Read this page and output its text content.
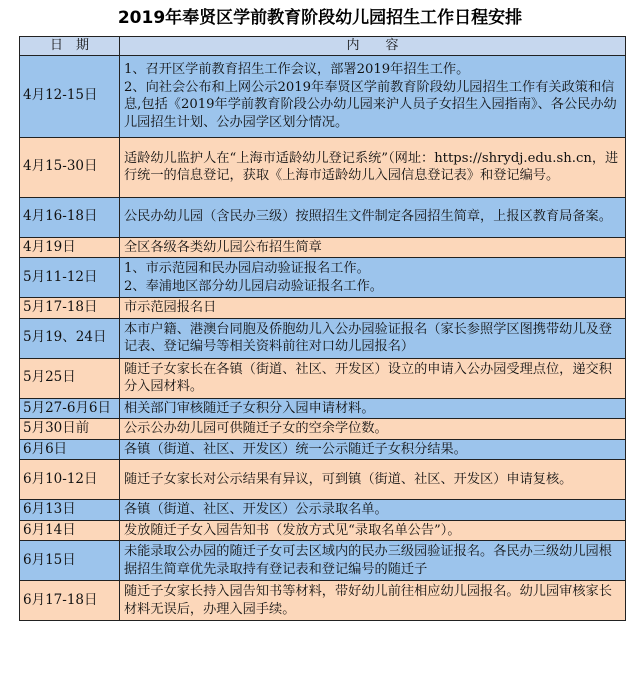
2019年奉贤区学前教育阶段幼儿园招生工作日程安排
日　期	内　　容
4月12-15日	1、召开区学前教育招生工作会议，部署2019年招生工作。
2、向社会公布和上网公示2019年奉贤区学前教育阶段幼儿园招生工作有关政策和信息,包括《2019年学前教育阶段公办幼儿园来沪人员子女招生入园指南》、各公民办幼儿园招生计划、公办园学区划分情况。

4月15-30日	适龄幼儿监护人在“上海市适龄幼儿登记系统”（网址：https://shrydj.edu.sh.cn，进行统一的信息登记，获取《上海市适龄幼儿入园信息登记表》和登记编号。

4月16-18日	公民办幼儿园（含民办三级）按照招生文件制定各园招生简章，上报区教育局备案。

4月19日	全区各级各类幼儿园公布招生简章

5月11-12日	1、市示范园和民办园启动验证报名工作。
2、奉浦地区部分幼儿园启动验证报名工作。

5月17-18日	市示范园报名日

5月19、24日	本市户籍、港澳台同胞及侨胞幼儿入公办园验证报名（家长参照学区图携带幼儿及登记表、登记编号等相关资料前往对口幼儿园报名）

5月25日	随迁子女家长在各镇（街道、社区、开发区）设立的申请入公办园受理点位，递交积分入园材料。

5月27-6月6日	相关部门审核随迁子女积分入园申请材料。

5月30日前	公示公办幼儿园可供随迁子女的空余学位数。

6月6日	各镇（街道、社区、开发区）统一公示随迁子女积分结果。

6月10-12日	随迁子女家长对公示结果有异议，可到镇（街道、社区、开发区）申请复核。

6月13日	各镇（街道、社区、开发区）公示录取名单。

6月14日	发放随迁子女入园告知书（发放方式见“录取名单公告”）。

6月15日	未能录取公办园的随迁子女可去区域内的民办三级园验证报名。各民办三级幼儿园根据招生简章优先录取持有登记表和登记编号的随迁子

6月17-18日	随迁子女家长持入园告知书等材料，带好幼儿前往相应幼儿园报名。幼儿园审核家长材料无误后，办理入园手续。
